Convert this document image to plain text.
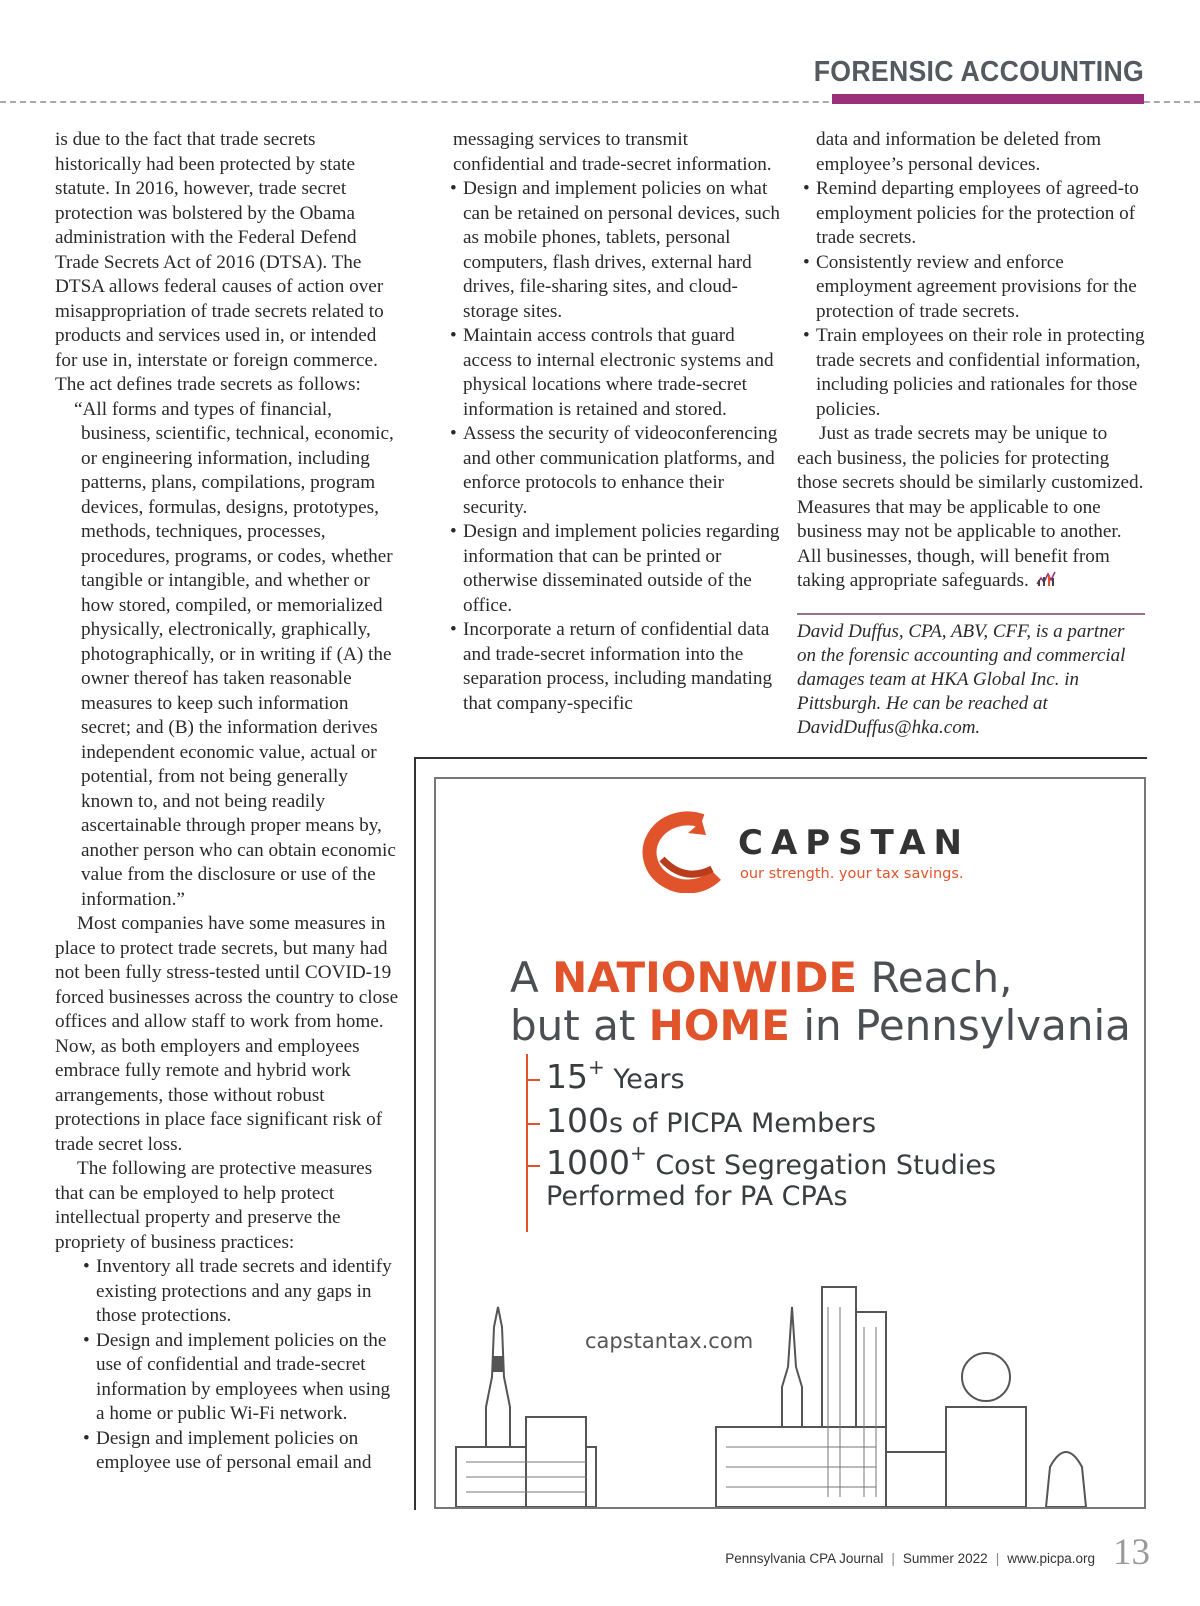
FORENSIC ACCOUNTING

is due to the fact that trade secrets historically had been protected by state statute. In 2016, however, trade secret protection was bolstered by the Obama administration with the Federal Defend Trade Secrets Act of 2016 (DTSA). The DTSA allows federal causes of action over misappropriation of trade secrets related to products and services used in, or intended for use in, interstate or foreign commerce. The act defines trade secrets as follows:

“All forms and types of financial, business, scientific, technical, economic, or engineering information, including patterns, plans, compilations, program devices, formulas, designs, prototypes, methods, techniques, processes, procedures, programs, or codes, whether tangible or intangible, and whether or how stored, compiled, or memorialized physically, electronically, graphically, photographically, or in writing if (A) the owner thereof has taken reasonable measures to keep such information secret; and (B) the information derives independent economic value, actual or potential, from not being generally known to, and not being readily ascertainable through proper means by, another person who can obtain economic value from the disclosure or use of the information.”

Most companies have some measures in place to protect trade secrets, but many had not been fully stress-tested until COVID-19 forced businesses across the country to close offices and allow staff to work from home. Now, as both employers and employees embrace fully remote and hybrid work arrangements, those without robust protections in place face significant risk of trade secret loss.

The following are protective measures that can be employed to help protect intellectual property and preserve the propriety of business practices:

• Inventory all trade secrets and identify existing protections and any gaps in those protections.
• Design and implement policies on the use of confidential and trade-secret information by employees when using a home or public Wi-Fi network.
• Design and implement policies on employee use of personal email and

messaging services to transmit confidential and trade-secret information.

• Design and implement policies on what can be retained on personal devices, such as mobile phones, tablets, personal computers, flash drives, external hard drives, file-sharing sites, and cloud-storage sites.
• Maintain access controls that guard access to internal electronic systems and physical locations where trade-secret information is retained and stored.
• Assess the security of videoconferencing and other communication platforms, and enforce protocols to enhance their security.
• Design and implement policies regarding information that can be printed or otherwise disseminated outside of the office.
• Incorporate a return of confidential data and trade-secret information into the separation process, including mandating that company-specific

data and information be deleted from employee’s personal devices.

• Remind departing employees of agreed-to employment policies for the protection of trade secrets.
• Consistently review and enforce employment agreement provisions for the protection of trade secrets.
• Train employees on their role in protecting trade secrets and confidential information, including policies and rationales for those policies.

Just as trade secrets may be unique to each business, the policies for protecting those secrets should be similarly customized. Measures that may be applicable to one business may not be applicable to another. All businesses, though, will benefit from taking appropriate safeguards.

David Duffus, CPA, ABV, CFF, is a partner on the forensic accounting and commercial damages team at HKA Global Inc. in Pittsburgh. He can be reached at DavidDuffus@hka.com.

CAPSTAN
our strength. your tax savings.
A NATIONWIDE Reach,
but at HOME in Pennsylvania
15+ Years
100s of PICPA Members
1000+ Cost Segregation Studies
Performed for PA CPAs
capstantax.com
Pennsylvania CPA Journal | Summer 2022 | www.picpa.org 13
